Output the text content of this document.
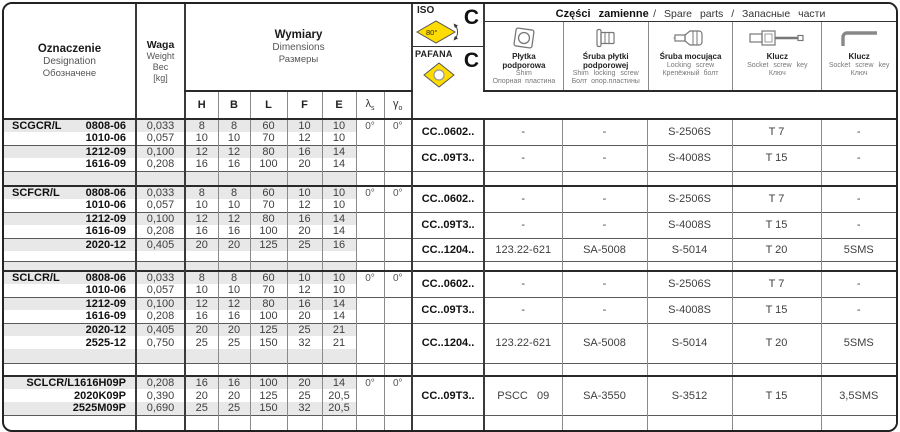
Oznaczenie
Designation
Обозначене

Waga
Weight
Вес
[kg]

Wymiary
Dimensions
Размеры

ISO C
80°
PAFANA C

Części zamienne / Spare parts / Запасные части
Płytka podporowa
Shim
Опорная пластина
Śruba płytki podporowej
Shim locking screw
Болт опор.пластины
Śruba mocująca
Locking screw
Крепёжный болт
Klucz
Socket screw key
Ключ
Klucz
Socket screw key
Ключ

		H	B	L	F	E	$\lambda_s$	$\gamma_o$

SCGCR/L 0808-06	0,033	8	8	60	10	10	0°	0°	CC..0602..	-	-	S-2506S	T 7	-

1010-06	0,057	10	10	70	12	10								

1212-09	0,100	12	12	80	16	14			CC..09T3..	-	-	S-4008S	T 15	-

1616-09	0,208	16	16	100	20	14								

SCFCR/L 0808-06	0,033	8	8	60	10	10	0°	0°	CC..0602..	-	-	S-2506S	T 7	-

1010-06	0,057	10	10	70	12	10								

1212-09	0,100	12	12	80	16	14			CC..09T3..	-	-	S-4008S	T 15	-

1616-09	0,208	16	16	100	20	14								

2020-12	0,405	20	20	125	25	16			CC..1204..	123.22-621	SA-5008	S-5014	T 20	5SMS

SCLCR/L 0808-06	0,033	8	8	60	10	10	0°	0°	CC..0602..	-	-	S-2506S	T 7	-

1010-06	0,057	10	10	70	12	10								

1212-09	0,100	12	12	80	16	14			CC..09T3..	-	-	S-4008S	T 15	-

1616-09	0,208	16	16	100	20	14								

2020-12	0,405	20	20	125	25	21			CC..1204..	123.22-621	SA-5008	S-5014	T 20	5SMS

2525-12	0,750	25	25	150	32	21								

SCLCR/L1616H09P	0,208	16	16	100	20	14	0°	0°	CC..09T3..	PSCC   09	SA-3550	S-3512	T 15	3,5SMS

2020K09P	0,390	20	20	125	25	20,5								

2525M09P	0,690	25	25	150	32	20,5								
